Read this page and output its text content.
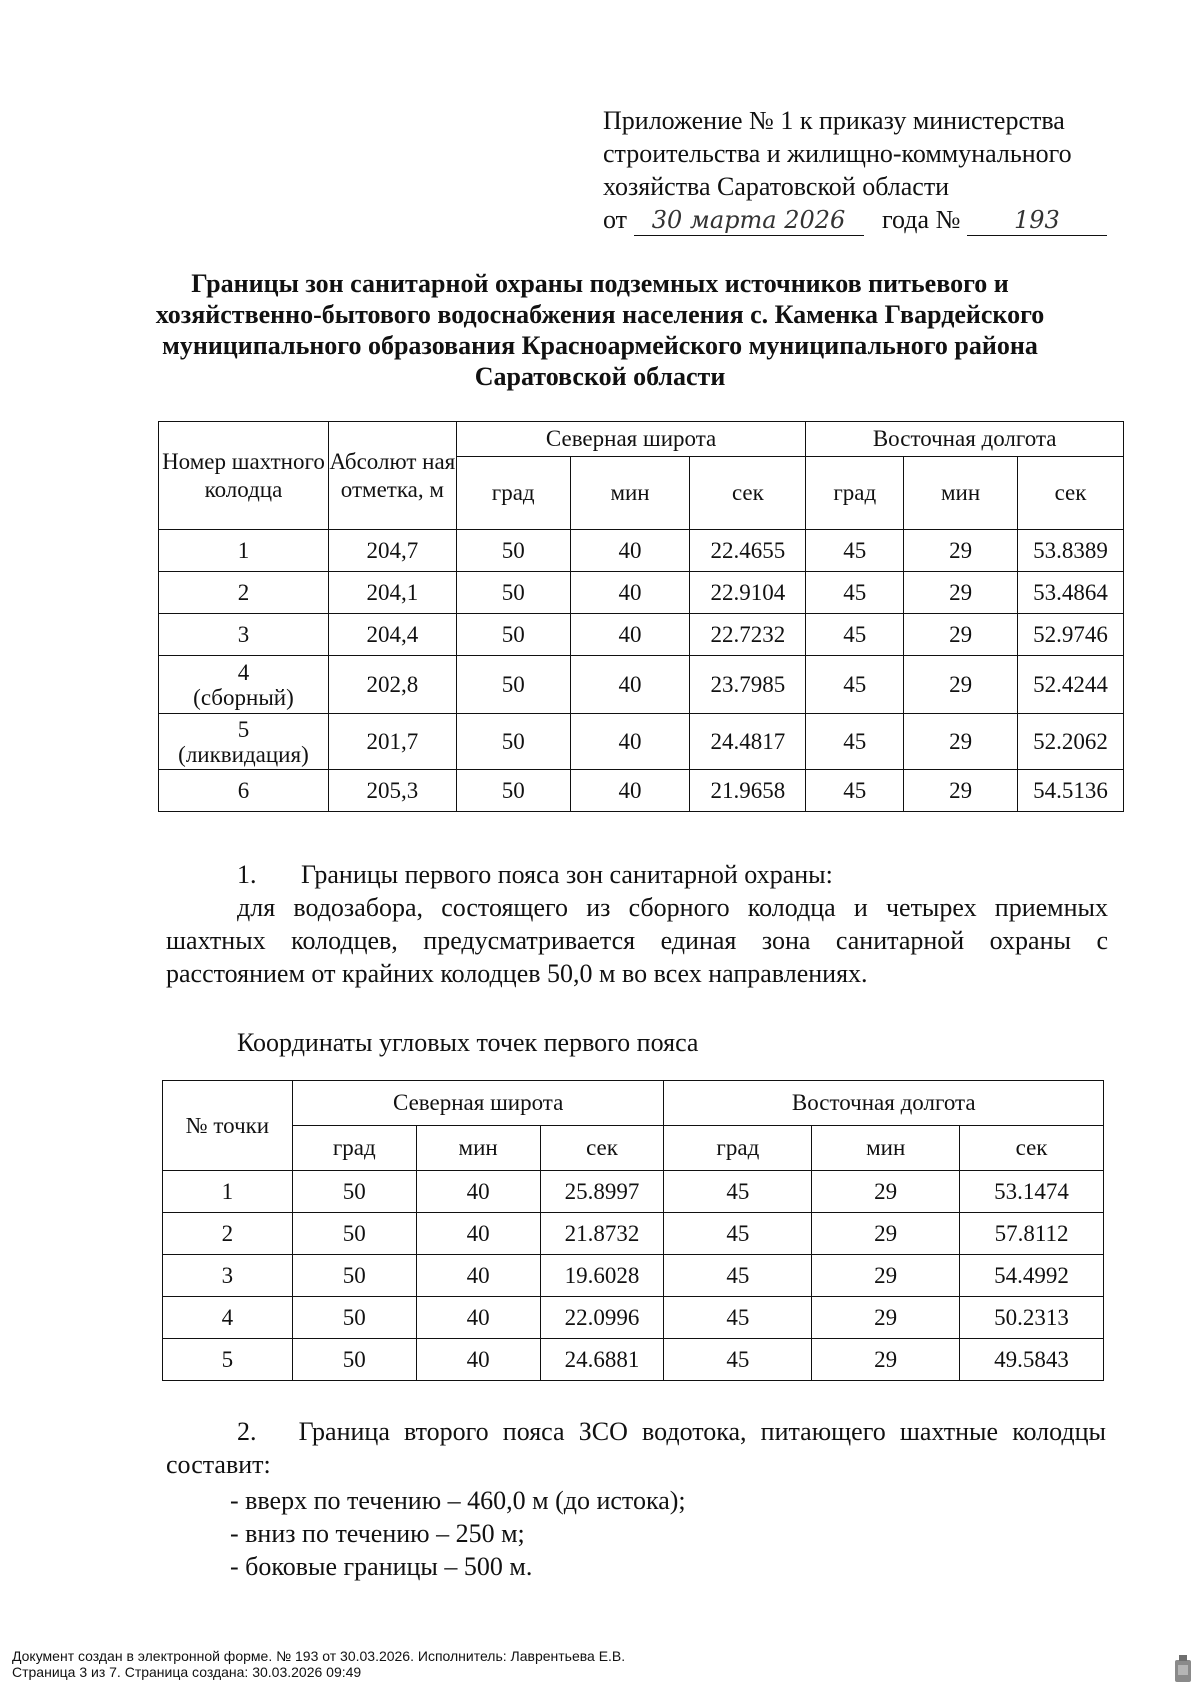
Приложение № 1 к приказу министерства
строительства и жилищно-коммунального
хозяйства Саратовской области
от 30 марта 2026 года № 193
Границы зон санитарной охраны подземных источников питьевого и хозяйственно-бытового водоснабжения населения с. Каменка Гвардейского муниципального образования Красноармейского муниципального района Саратовской области
Номер шахтного колодца	Абсолют ная отметка, м	Северная широта			Восточная долгота		
		град	мин	сек	град	мин	сек

1	204,7	50	40	22.4655	45	29	53.8389

2	204,1	50	40	22.9104	45	29	53.4864

3	204,4	50	40	22.7232	45	29	52.9746

4
(сборный)	202,8	50	40	23.7985	45	29	52.4244

5
(ликвидация)	201,7	50	40	24.4817	45	29	52.2062

6	205,3	50	40	21.9658	45	29	54.5136
1. Границы первого пояса зон санитарной охраны:
для водозабора, состоящего из сборного колодца и четырех приемных шахтных колодцев, предусматривается единая зона санитарной охраны с расстоянием от крайних колодцев 50,0 м во всех направлениях.
Координаты угловых точек первого пояса
№ точки	Северная широта			Восточная долгота		
	град	мин	сек	град	мин	сек
1	50	40	25.8997	45	29	53.1474
2	50	40	21.8732	45	29	57.8112
3	50	40	19.6028	45	29	54.4992
4	50	40	22.0996	45	29	50.2313
5	50	40	24.6881	45	29	49.5843
2. Граница второго пояса ЗСО водотока, питающего шахтные колодцы составит:
- вверх по течению – 460,0 м (до истока);
- вниз по течению – 250 м;
- боковые границы – 500 м.
Документ создан в электронной форме. № 193 от 30.03.2026. Исполнитель: Лаврентьева Е.В.
Страница 3 из 7. Страница создана: 30.03.2026 09:49
